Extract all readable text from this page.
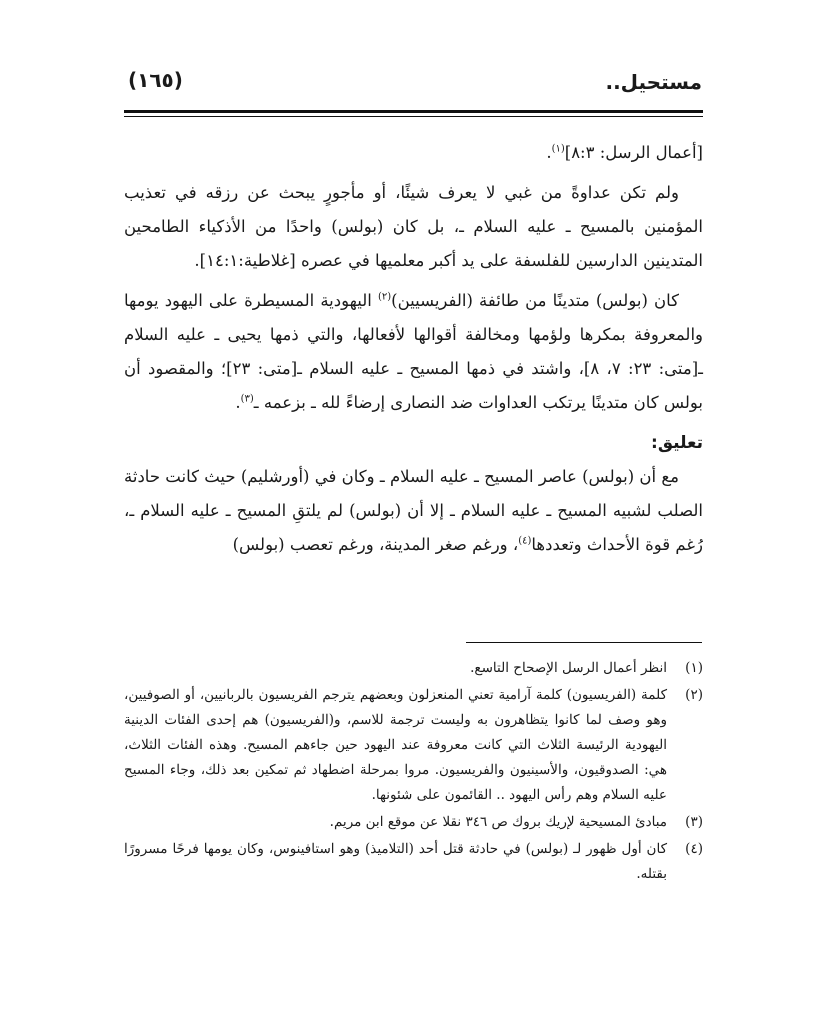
مستحيل..
(١٦٥)

[أعمال الرسل: ٨:٣]$^{(١)}$.

ولم تكن عداوةً من غبي لا يعرف شيئًا، أو مأجورٍ يبحث عن رزقه في تعذيب المؤمنين بالمسيح ـ عليه السلام ـ، بل كان (بولس) واحدًا من الأذكياء الطامحين المتدينين الدارسين للفلسفة على يد أكبر معلميها في عصره [غلاطية:١٤:١].

كان (بولس) متدينًا من طائفة (الفريسيين)$^{(٢)}$ اليهودية المسيطرة على اليهود يومها والمعروفة بمكرها ولؤمها ومخالفة أقوالها لأفعالها، والتي ذمها يحيى ـ عليه السلام ـ[متى: ٢٣: ٧، ٨]، واشتد في ذمها المسيح ـ عليه السلام ـ[متى: ٢٣]؛ والمقصود أن بولس كان متدينًا يرتكب العداوات ضد النصارى إرضاءً لله ـ بزعمه ـ$^{(٣)}$.

تعليق:

مع أن (بولس) عاصر المسيح ـ عليه السلام ـ وكان في (أورشليم) حيث كانت حادثة الصلب لشبيه المسيح ـ عليه السلام ـ إلا أن (بولس) لم يلتقِ المسيح ـ عليه السلام ـ، رُغم قوة الأحداث وتعددها$^{(٤)}$، ورغم صغر المدينة، ورغم تعصب (بولس)

(١)
انظر أعمال الرسل الإصحاح التاسع.
(٢)
كلمة (الفريسيون) كلمة آرامية تعني المنعزلون وبعضهم يترجم الفريسيون بالربانيين، أو الصوفيين، وهو وصف لما كانوا يتظاهرون به وليست ترجمة للاسم، و(الفريسيون) هم إحدى الفئات الدينية اليهودية الرئيسة الثلاث التي كانت معروفة عند اليهود حين جاءهم المسيح. وهذه الفئات الثلاث، هي: الصدوقيون، والأسينيون والفريسيون. مروا بمرحلة اضطهاد ثم تمكين بعد ذلك، وجاء المسيح عليه السلام وهم رأس اليهود .. القائمون على شئونها.
(٣)
مبادئ المسيحية لإريك بروك ص ٣٤٦ نقلا عن موقع ابن مريم.
(٤)
كان أول ظهور لـ (بولس) في حادثة قتل أحد (التلاميذ) وهو استافينوس، وكان يومها فرحًا مسرورًا بقتله.
